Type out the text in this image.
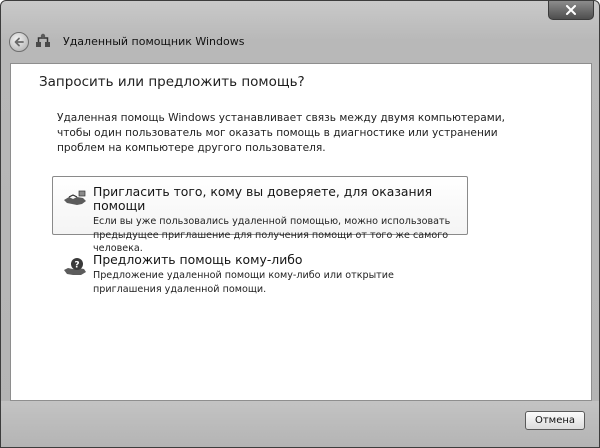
Удаленный помощник Windows
Запросить или предложить помощь?
Удаленная помощь Windows устанавливает связь между двумя компьютерами, чтобы один пользователь мог оказать помощь в диагностике или устранении проблем на компьютере другого пользователя.
Пригласить того, кому вы доверяете, для оказания помощи
Если вы уже пользовались удаленной помощью, можно использовать предыдущее приглашение для получения помощи от того же самого человека.
? Предложить помощь кому-либо
Предложение удаленной помощи кому-либо или открытие приглашения удаленной помощи.
Отмена
